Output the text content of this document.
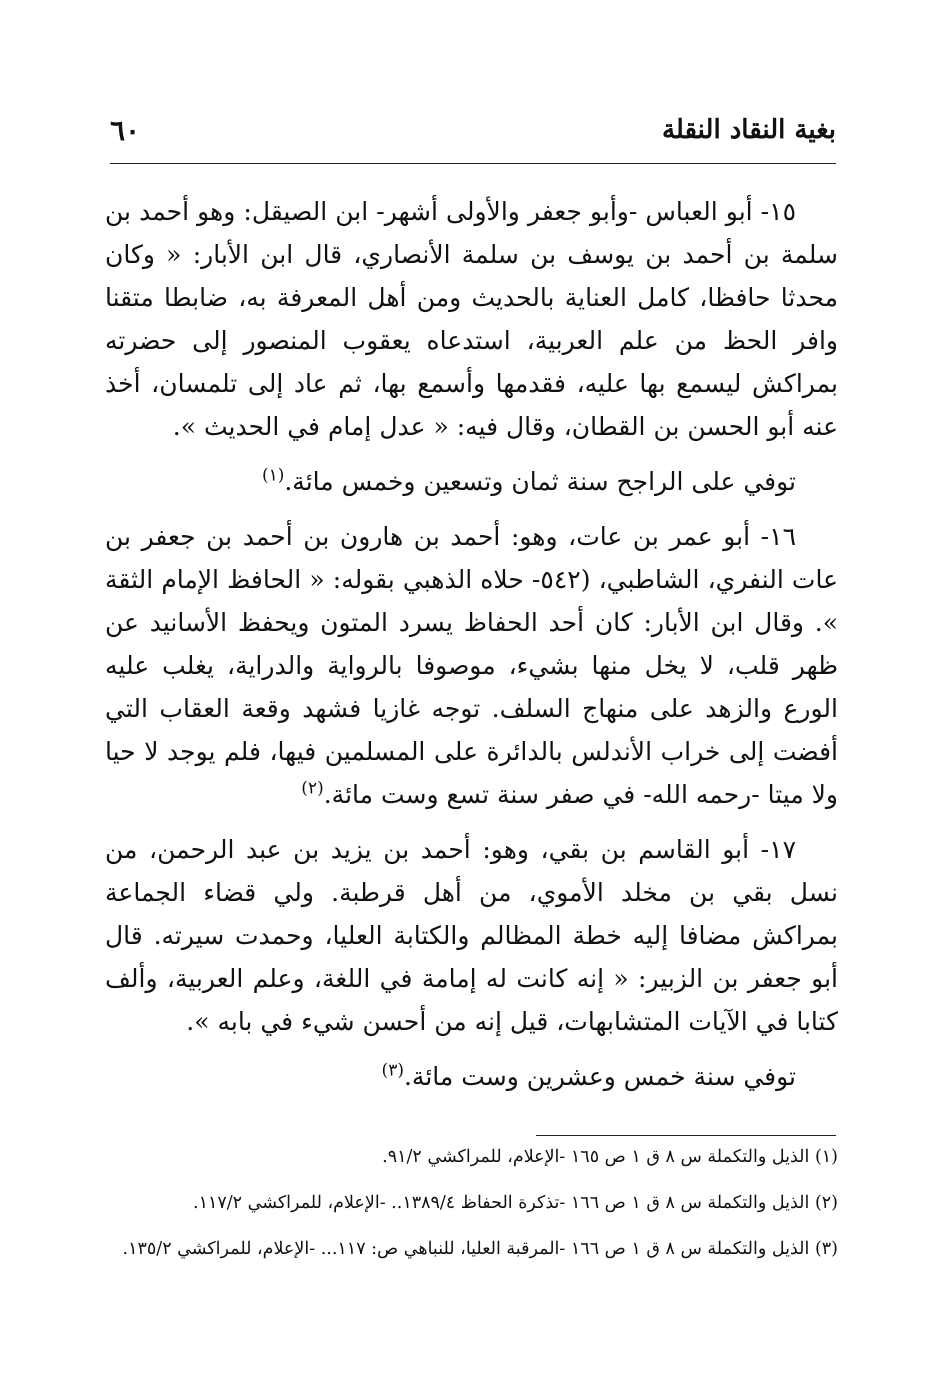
٦٠	بغية النقاد النقلة

١٥- أبو العباس -وأبو جعفر والأولى أشهر- ابن الصيقل: وهو أحمد بن سلمة بن أحمد بن يوسف بن سلمة الأنصاري، قال ابن الأبار: « وكان محدثا حافظا، كامل العناية بالحديث ومن أهل المعرفة به، ضابطا متقنا وافر الحظ من علم العربية، استدعاه يعقوب المنصور إلى حضرته بمراكش ليسمع بها عليه، فقدمها وأسمع بها، ثم عاد إلى تلمسان، أخذ عنه أبو الحسن بن القطان، وقال فيه: « عدل إمام في الحديث ».

توفي على الراجح سنة ثمان وتسعين وخمس مائة.$^{(١)}$

١٦- أبو عمر بن عات، وهو: أحمد بن هارون بن أحمد بن جعفر بن عات النفري، الشاطبي، (٥٤٢- حلاه الذهبي بقوله: « الحافظ الإمام الثقة ». وقال ابن الأبار: كان أحد الحفاظ يسرد المتون ويحفظ الأسانيد عن ظهر قلب، لا يخل منها بشيء، موصوفا بالرواية والدراية، يغلب عليه الورع والزهد على منهاج السلف. توجه غازيا فشهد وقعة العقاب التي أفضت إلى خراب الأندلس بالدائرة على المسلمين فيها، فلم يوجد لا حيا ولا ميتا -رحمه الله- في صفر سنة تسع وست مائة.$^{(٢)}$

١٧- أبو القاسم بن بقي، وهو: أحمد بن يزيد بن عبد الرحمن، من نسل بقي بن مخلد الأموي، من أهل قرطبة. ولي قضاء الجماعة بمراكش مضافا إليه خطة المظالم والكتابة العليا، وحمدت سيرته. قال أبو جعفر بن الزبير: « إنه كانت له إمامة في اللغة، وعلم العربية، وألف كتابا في الآيات المتشابهات، قيل إنه من أحسن شيء في بابه ».

توفي سنة خمس وعشرين وست مائة.$^{(٣)}$

(١) الذيل والتكملة س ٨ ق ١ ص ١٦٥ -الإعلام، للمراكشي ٩١/٢.

(٢) الذيل والتكملة س ٨ ق ١ ص ١٦٦ -تذكرة الحفاظ ١٣٨٩/٤.. -الإعلام، للمراكشي ١١٧/٢.

(٣) الذيل والتكملة س ٨ ق ١ ص ١٦٦ -المرقبة العليا، للنباهي ص: ١١٧... -الإعلام، للمراكشي ١٣٥/٢.
